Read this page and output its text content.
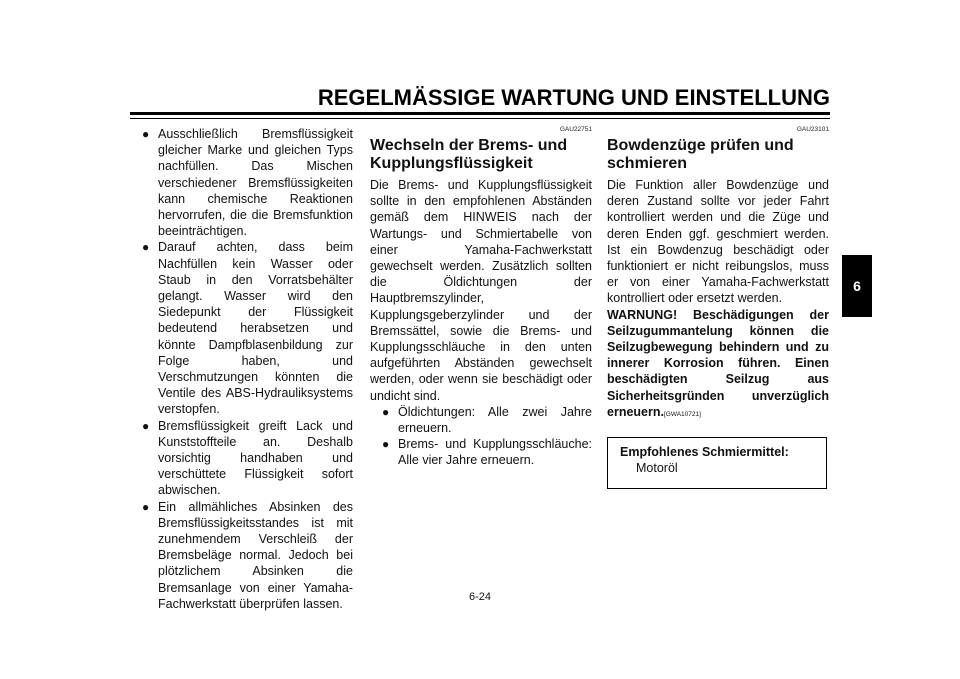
REGELMÄSSIGE WARTUNG UND EINSTELLUNG
● Ausschließlich Bremsflüssigkeit gleicher Marke und gleichen Typs nachfüllen. Das Mischen verschiedener Bremsflüssigkeiten kann chemische Reaktionen hervorrufen, die die Bremsfunktion beeinträchtigen.
● Darauf achten, dass beim Nachfüllen kein Wasser oder Staub in den Vorratsbehälter gelangt. Wasser wird den Siedepunkt der Flüssigkeit bedeutend herabsetzen und könnte Dampfblasenbildung zur Folge haben, und Verschmutzungen könnten die Ventile des ABS-Hydrauliksystems verstopfen.
● Bremsflüssigkeit greift Lack und Kunststoffteile an. Deshalb vorsichtig handhaben und verschüttete Flüssigkeit sofort abwischen.
● Ein allmähliches Absinken des Bremsflüssigkeitsstandes ist mit zunehmendem Verschleiß der Bremsbeläge normal. Jedoch bei plötzlichem Absinken die Bremsanlage von einer Yamaha-Fachwerkstatt überprüfen lassen.
GAU22751
Wechseln der Brems- und Kupplungsflüssigkeit
Die Brems- und Kupplungsflüssigkeit sollte in den empfohlenen Abständen gemäß dem HINWEIS nach der Wartungs- und Schmiertabelle von einer Yamaha-Fachwerkstatt gewechselt werden. Zusätzlich sollten die Öldichtungen der Hauptbremszylinder, Kupplungsgeberzylinder und der Bremssättel, sowie die Brems- und Kupplungsschläuche in den unten aufgeführten Abständen gewechselt werden, oder wenn sie beschädigt oder undicht sind.
● Öldichtungen: Alle zwei Jahre erneuern.
● Brems- und Kupplungsschläuche: Alle vier Jahre erneuern.
GAU23101
Bowdenzüge prüfen und schmieren
Die Funktion aller Bowdenzüge und deren Zustand sollte vor jeder Fahrt kontrolliert werden und die Züge und deren Enden ggf. geschmiert werden. Ist ein Bowdenzug beschädigt oder funktioniert er nicht reibungslos, muss er von einer Yamaha-Fachwerkstatt kontrolliert oder ersetzt werden.
WARNUNG! Beschädigungen der Seilzugummantelung können die Seilzugbewegung behindern und zu innerer Korrosion führen. Einen beschädigten Seilzug aus Sicherheitsgründen unverzüglich erneuern.[GWA10721]
Empfohlenes Schmiermittel:
Motoröl
6
6-24
